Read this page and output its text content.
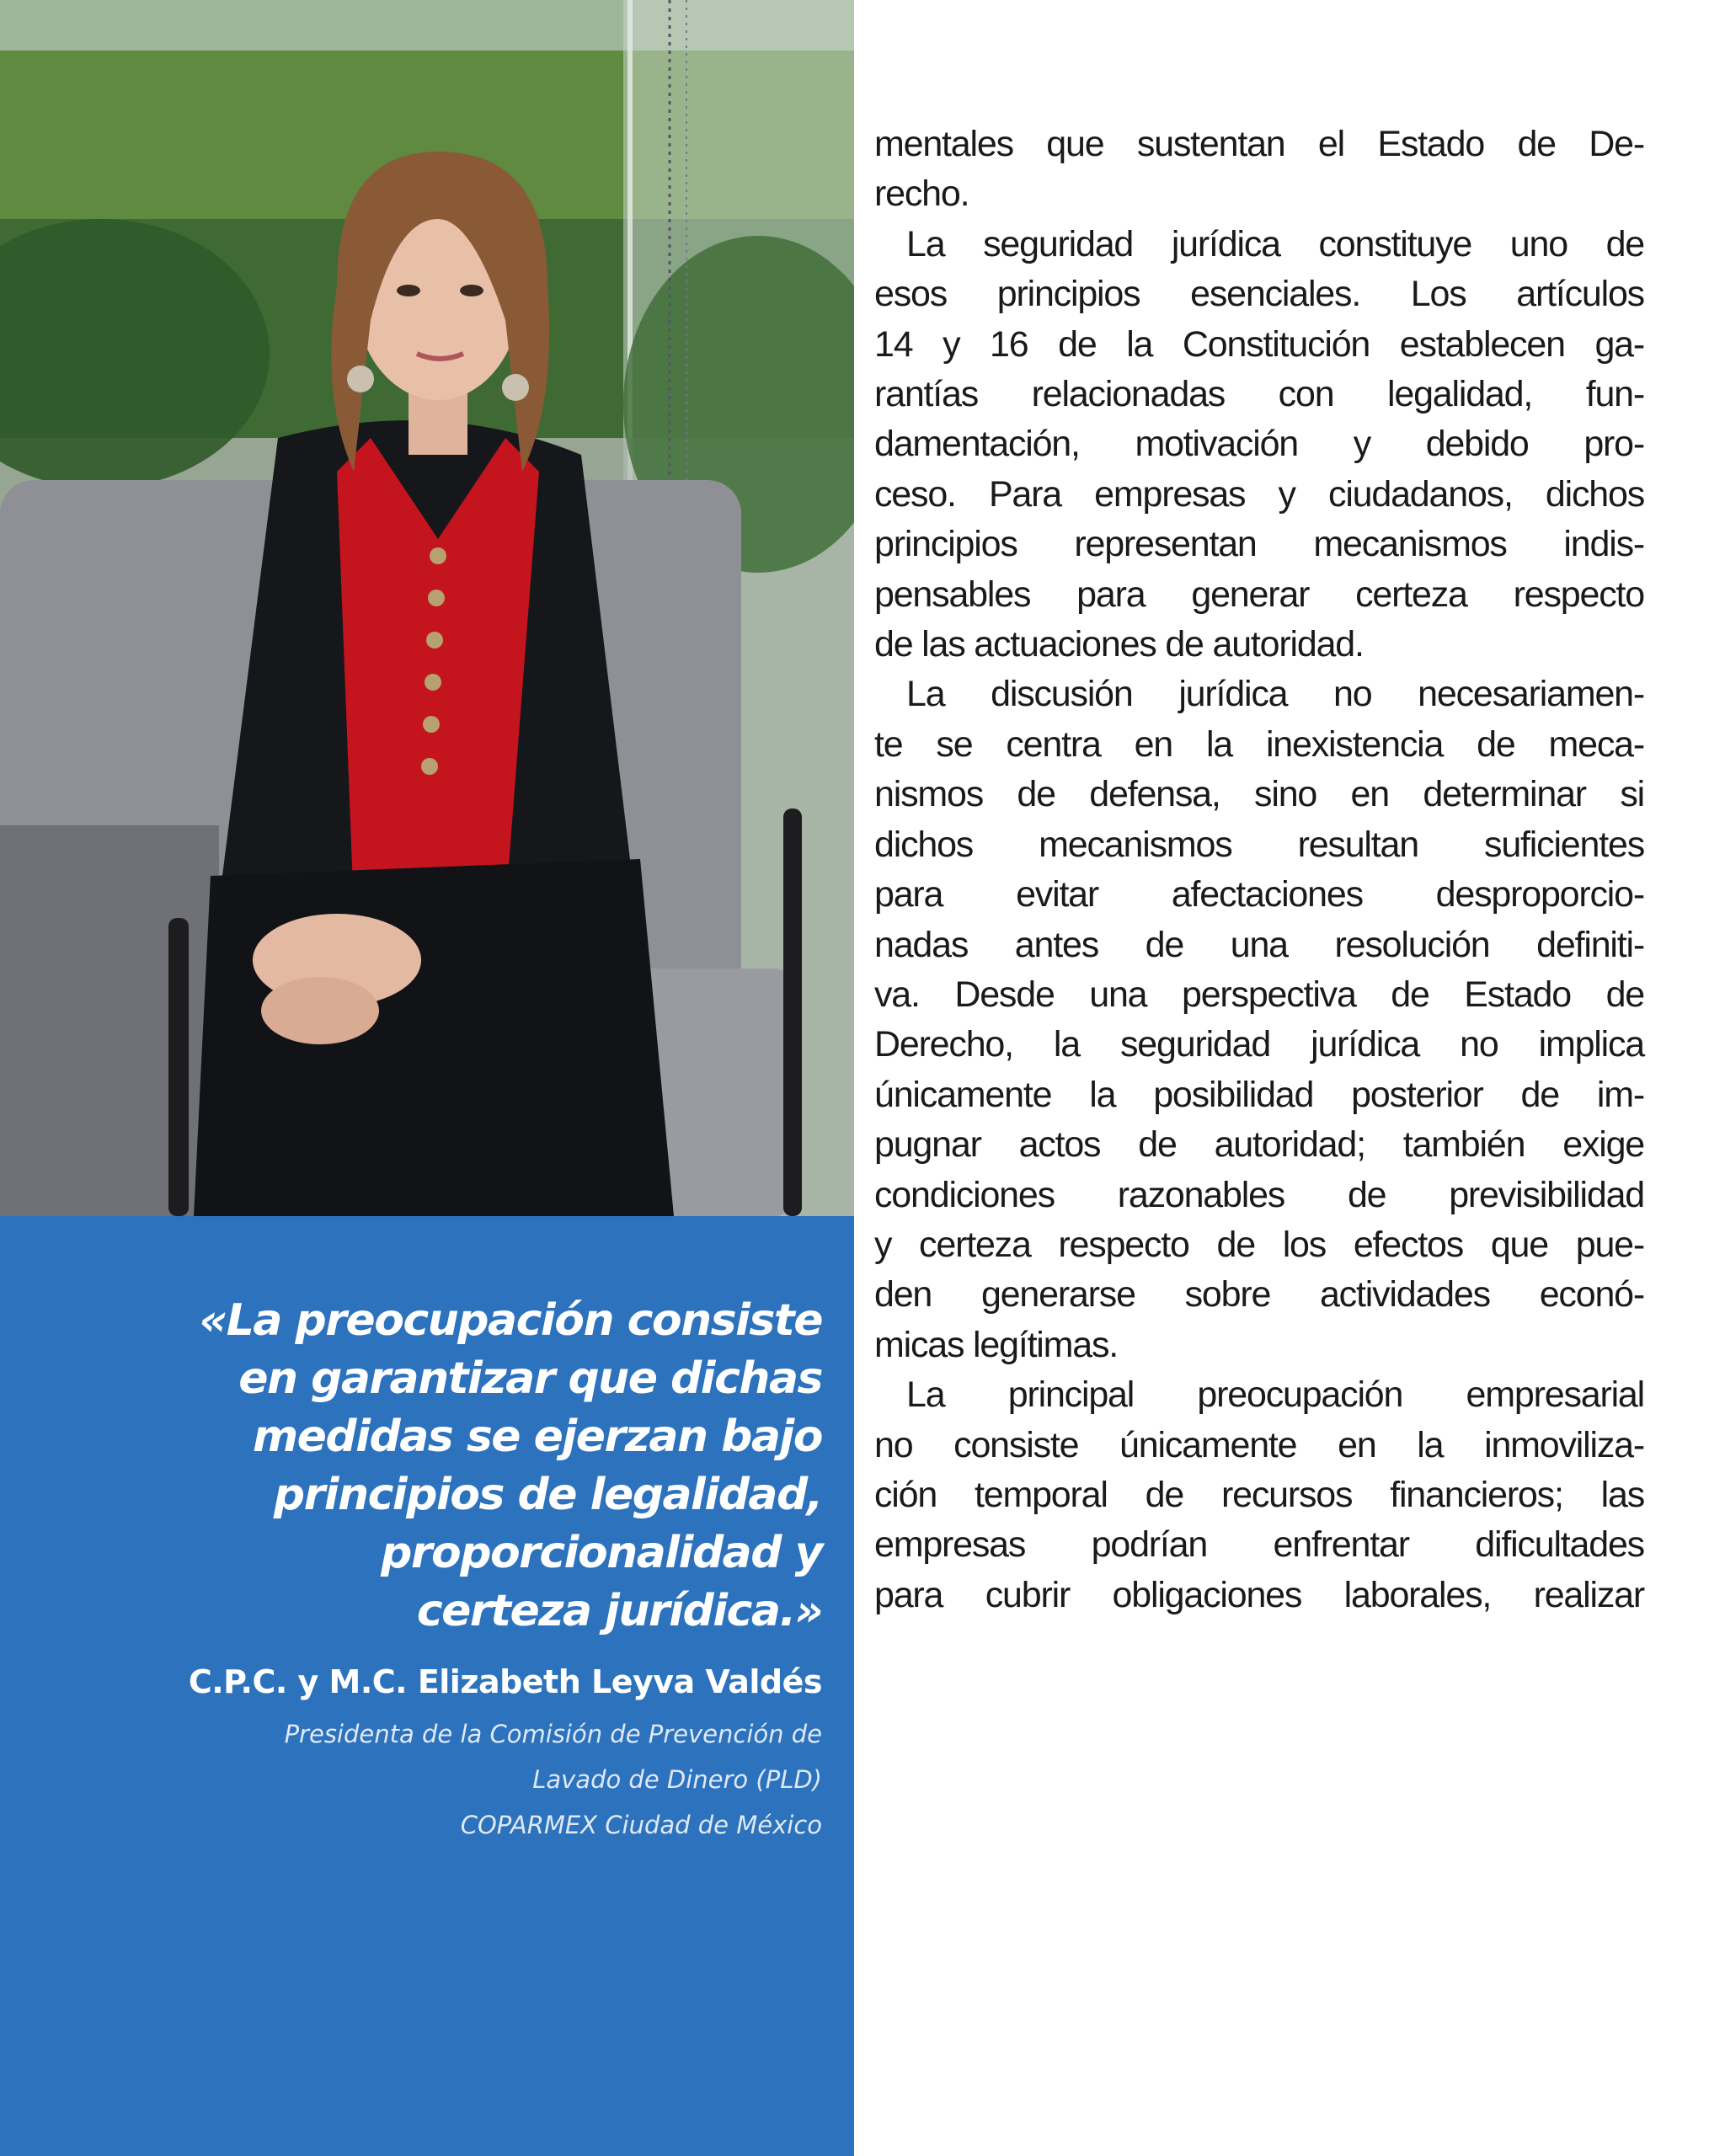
«La preocupación consiste
en garantizar que dichas
medidas se ejerzan bajo
principios de legalidad,
proporcionalidad y
certeza jurídica.»
C.P.C. y M.C. Elizabeth Leyva Valdés
Presidenta de la Comisión de Prevención de
Lavado de Dinero (PLD)
COPARMEX Ciudad de México
mentales que sustentan el Estado de De-
recho.
La seguridad jurídica constituye uno de
esos principios esenciales. Los artículos
14 y 16 de la Constitución establecen ga-
rantías relacionadas con legalidad, fun-
damentación, motivación y debido pro-
ceso. Para empresas y ciudadanos, dichos
principios representan mecanismos indis-
pensables para generar certeza respecto
de las actuaciones de autoridad.
La discusión jurídica no necesariamen-
te se centra en la inexistencia de meca-
nismos de defensa, sino en determinar si
dichos mecanismos resultan suficientes
para evitar afectaciones desproporcio-
nadas antes de una resolución definiti-
va. Desde una perspectiva de Estado de
Derecho, la seguridad jurídica no implica
únicamente la posibilidad posterior de im-
pugnar actos de autoridad; también exige
condiciones razonables de previsibilidad
y certeza respecto de los efectos que pue-
den generarse sobre actividades econó-
micas legítimas.
La principal preocupación empresarial
no consiste únicamente en la inmoviliza-
ción temporal de recursos financieros; las
empresas podrían enfrentar dificultades
para cubrir obligaciones laborales, realizar
